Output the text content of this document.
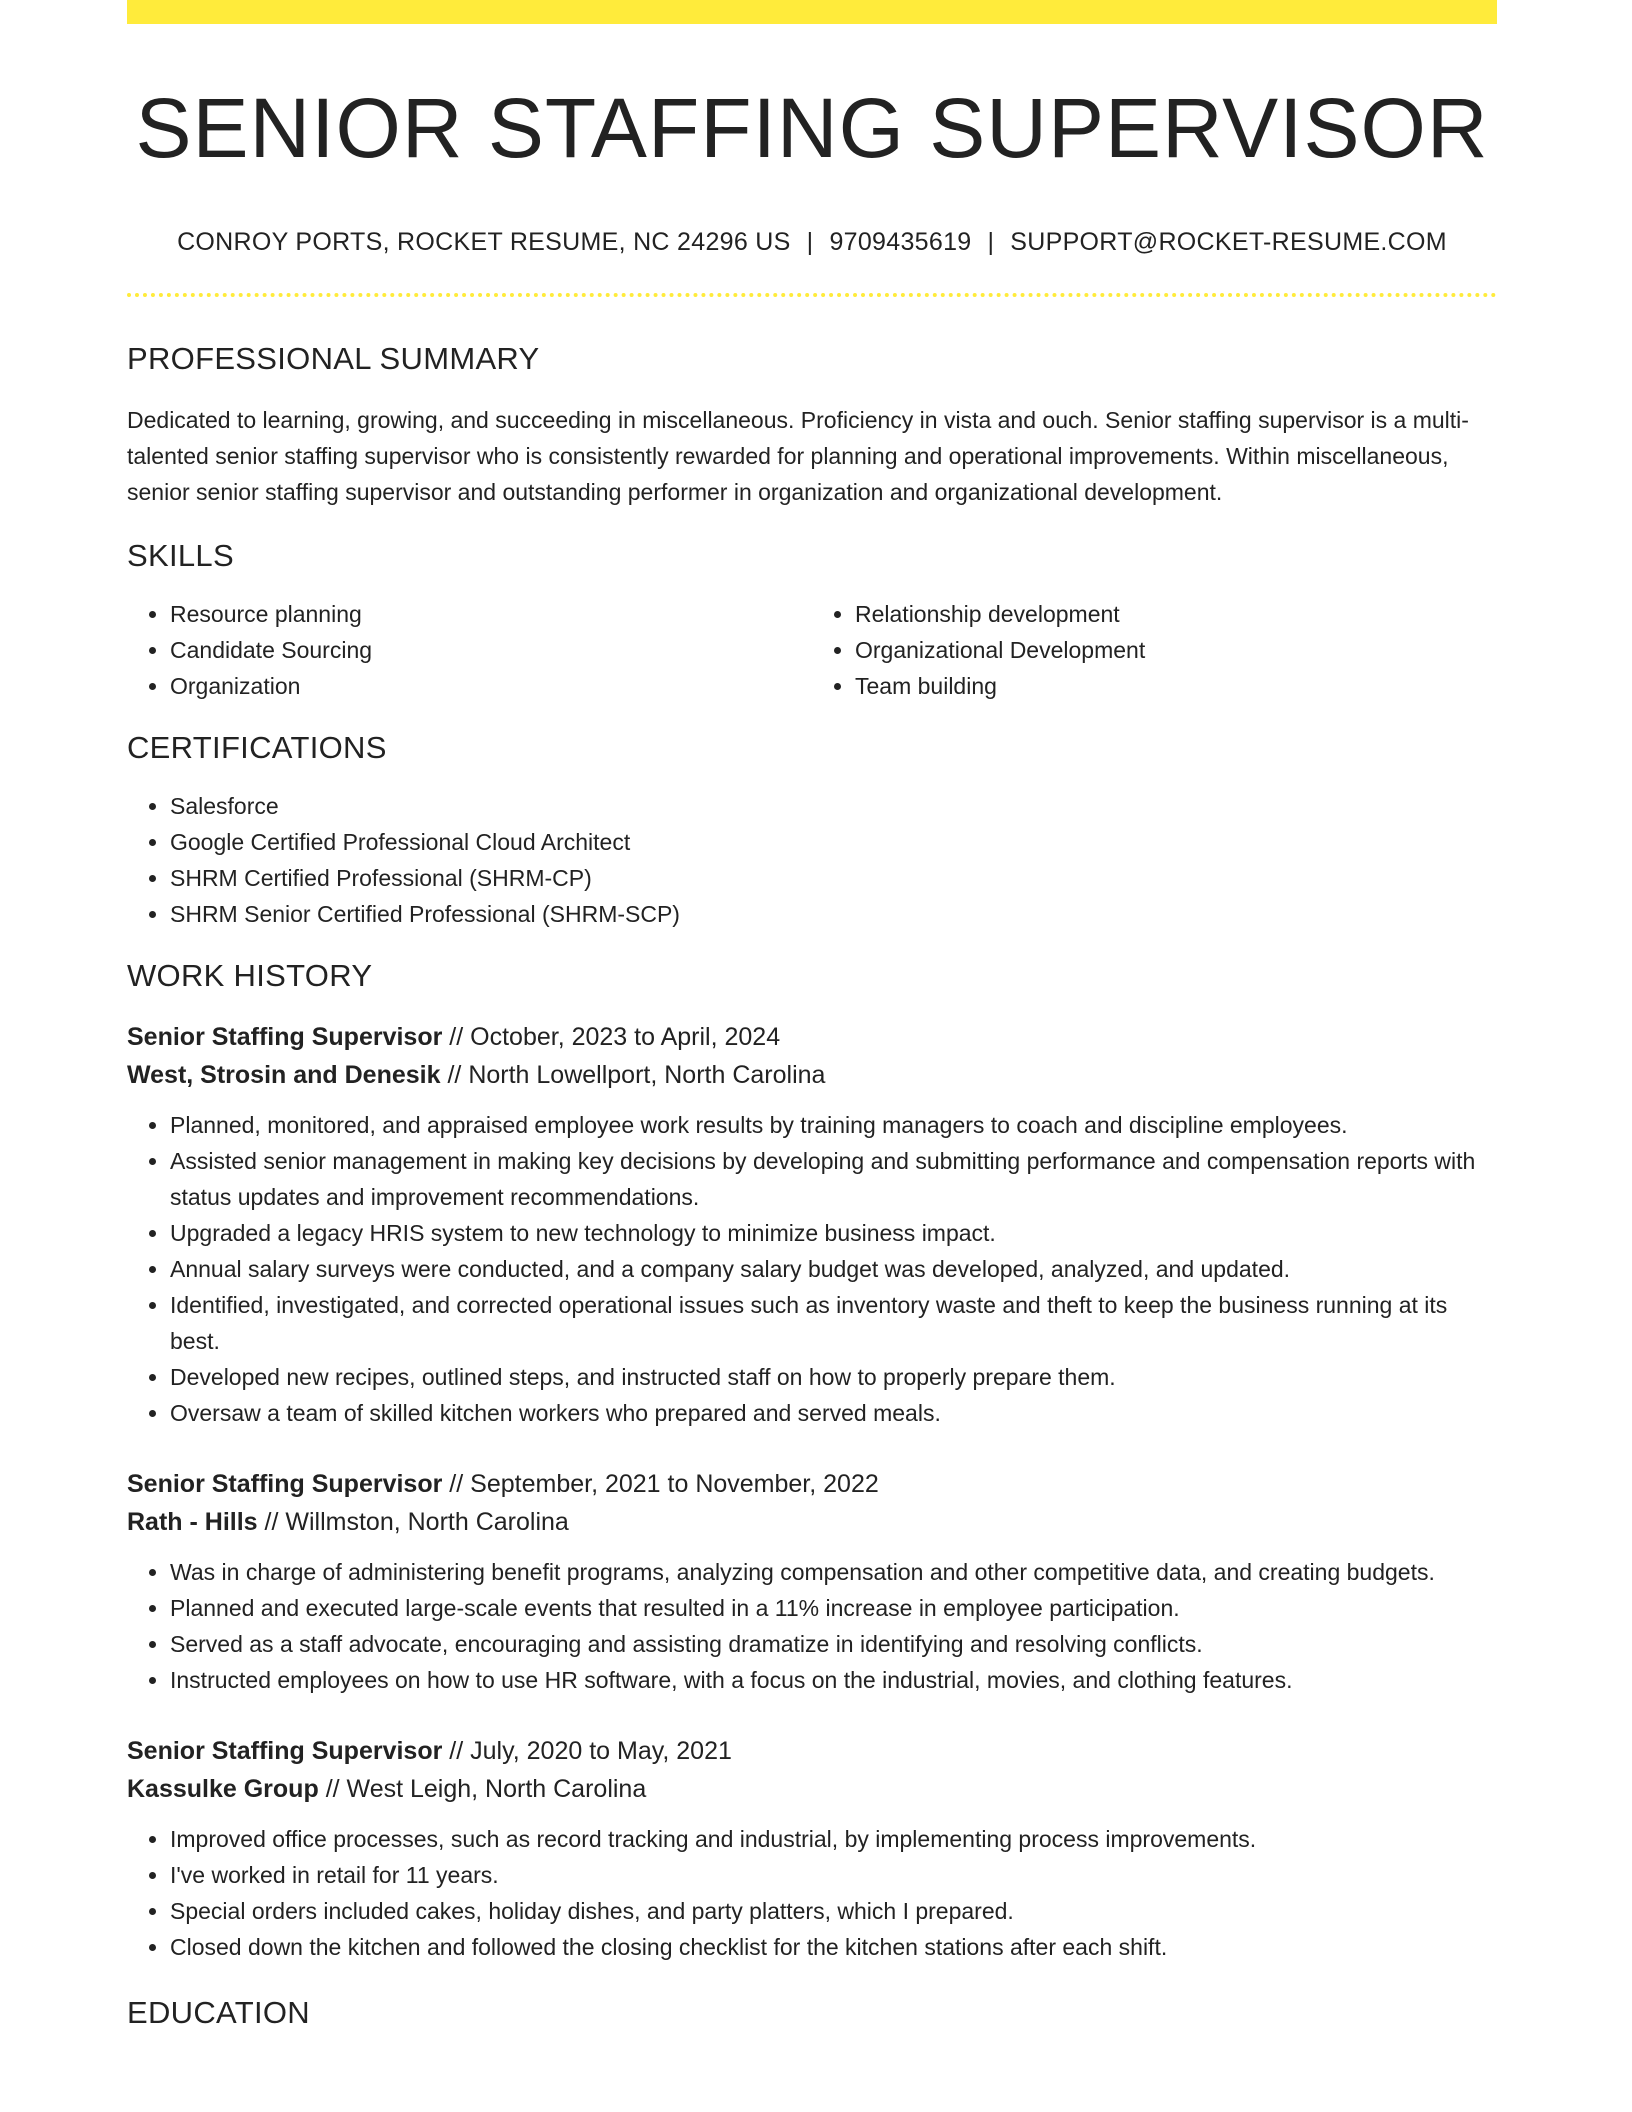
SENIOR STAFFING SUPERVISOR
CONROY PORTS, ROCKET RESUME, NC 24296 US | 9709435619 | SUPPORT@ROCKET-RESUME.COM
PROFESSIONAL SUMMARY

Dedicated to learning, growing, and succeeding in miscellaneous. Proficiency in vista and ouch. Senior staffing supervisor is a multi-talented senior staffing supervisor who is consistently rewarded for planning and operational improvements. Within miscellaneous, senior senior staffing supervisor and outstanding performer in organization and organizational development.

SKILLS
• Resource planning
• Candidate Sourcing
• Organization
• Relationship development
• Organizational Development
• Team building
CERTIFICATIONS
• Salesforce
• Google Certified Professional Cloud Architect
• SHRM Certified Professional (SHRM-CP)
• SHRM Senior Certified Professional (SHRM-SCP)
WORK HISTORY
Senior Staffing Supervisor // October, 2023 to April, 2024
West, Strosin and Denesik // North Lowellport, North Carolina
• Planned, monitored, and appraised employee work results by training managers to coach and discipline employees.
• Assisted senior management in making key decisions by developing and submitting performance and compensation reports with status updates and improvement recommendations.
• Upgraded a legacy HRIS system to new technology to minimize business impact.
• Annual salary surveys were conducted, and a company salary budget was developed, analyzed, and updated.
• Identified, investigated, and corrected operational issues such as inventory waste and theft to keep the business running at its best.
• Developed new recipes, outlined steps, and instructed staff on how to properly prepare them.
• Oversaw a team of skilled kitchen workers who prepared and served meals.
Senior Staffing Supervisor // September, 2021 to November, 2022
Rath - Hills // Willmston, North Carolina
• Was in charge of administering benefit programs, analyzing compensation and other competitive data, and creating budgets.
• Planned and executed large-scale events that resulted in a 11% increase in employee participation.
• Served as a staff advocate, encouraging and assisting dramatize in identifying and resolving conflicts.
• Instructed employees on how to use HR software, with a focus on the industrial, movies, and clothing features.
Senior Staffing Supervisor // July, 2020 to May, 2021
Kassulke Group // West Leigh, North Carolina
• Improved office processes, such as record tracking and industrial, by implementing process improvements.
• I've worked in retail for 11 years.
• Special orders included cakes, holiday dishes, and party platters, which I prepared.
• Closed down the kitchen and followed the closing checklist for the kitchen stations after each shift.
EDUCATION
